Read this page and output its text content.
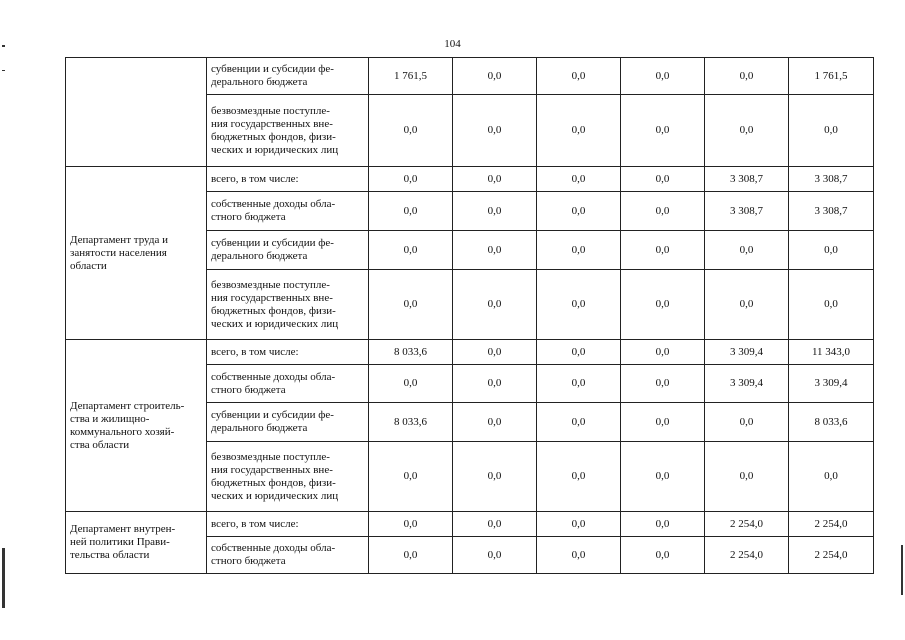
104
	субвенции и субсидии фе-
дерального бюджета	1 761,5	0,0	0,0	0,0	0,0	1 761,5
	безвозмездные поступле-
ния государственных вне-
бюджетных фондов, физи-
ческих и юридических лиц	0,0	0,0	0,0	0,0	0,0	0,0
Департамент труда и
занятости населения
области	всего, в том числе:	0,0	0,0	0,0	0,0	3 308,7	3 308,7
	собственные доходы обла-
стного бюджета	0,0	0,0	0,0	0,0	3 308,7	3 308,7
	субвенции и субсидии фе-
дерального бюджета	0,0	0,0	0,0	0,0	0,0	0,0
	безвозмездные поступле-
ния государственных вне-
бюджетных фондов, физи-
ческих и юридических лиц	0,0	0,0	0,0	0,0	0,0	0,0
Департамент строитель-
ства и жилищно-
коммунального хозяй-
ства области	всего, в том числе:	8 033,6	0,0	0,0	0,0	3 309,4	11 343,0
	собственные доходы обла-
стного бюджета	0,0	0,0	0,0	0,0	3 309,4	3 309,4
	субвенции и субсидии фе-
дерального бюджета	8 033,6	0,0	0,0	0,0	0,0	8 033,6
	безвозмездные поступле-
ния государственных вне-
бюджетных фондов, физи-
ческих и юридических лиц	0,0	0,0	0,0	0,0	0,0	0,0
Департамент внутрен-
ней политики Прави-
тельства области	всего, в том числе:	0,0	0,0	0,0	0,0	2 254,0	2 254,0
	собственные доходы обла-
стного бюджета	0,0	0,0	0,0	0,0	2 254,0	2 254,0
